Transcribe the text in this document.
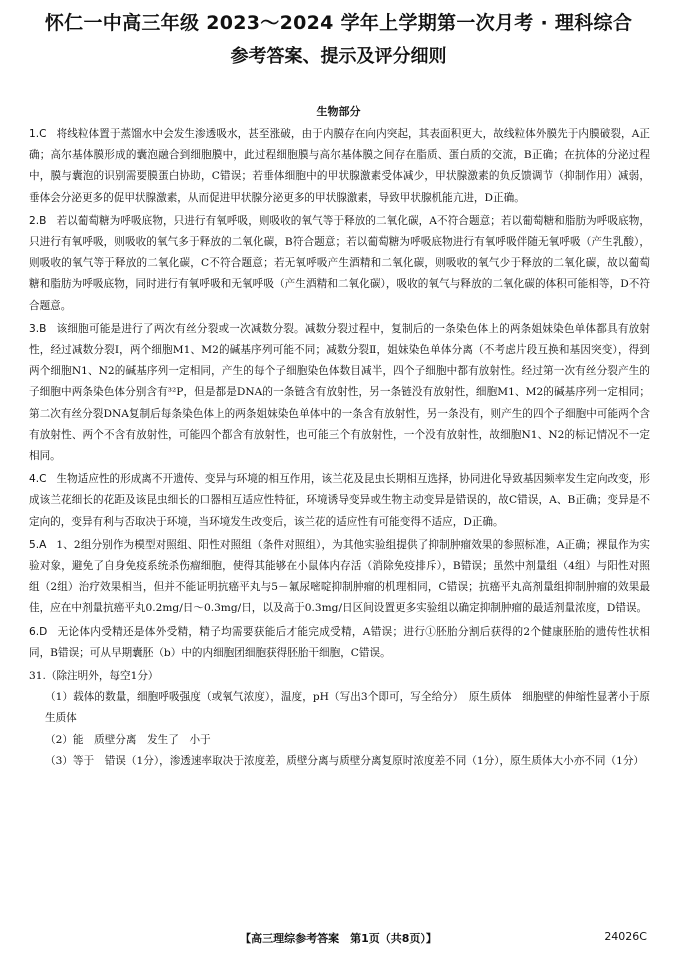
怀仁一中高三年级 2023～2024 学年上学期第一次月考 · 理科综合
参考答案、提示及评分细则
生物部分
1.C 将线粒体置于蒸馏水中会发生渗透吸水，甚至涨破，由于内膜存在向内突起，其表面积更大，故线粒体外膜先于内膜破裂，A正确；高尔基体膜形成的囊泡融合到细胞膜中，此过程细胞膜与高尔基体膜之间存在脂质、蛋白质的交流，B正确；在抗体的分泌过程中，膜与囊泡的识别需要膜蛋白协助，C错误；若垂体细胞中的甲状腺激素受体减少，甲状腺激素的负反馈调节（抑制作用）减弱，垂体会分泌更多的促甲状腺激素，从而促进甲状腺分泌更多的甲状腺激素，导致甲状腺机能亢进，D正确。
2.B 若以葡萄糖为呼吸底物，只进行有氧呼吸，则吸收的氧气等于释放的二氧化碳，A不符合题意；若以葡萄糖和脂肪为呼吸底物，只进行有氧呼吸，则吸收的氧气多于释放的二氧化碳，B符合题意；若以葡萄糖为呼吸底物进行有氧呼吸伴随无氧呼吸（产生乳酸），则吸收的氧气等于释放的二氧化碳，C不符合题意；若无氧呼吸产生酒精和二氧化碳，则吸收的氧气少于释放的二氧化碳，故以葡萄糖和脂肪为呼吸底物，同时进行有氧呼吸和无氧呼吸（产生酒精和二氧化碳），吸收的氧气与释放的二氧化碳的体积可能相等，D不符合题意。
3.B 该细胞可能是进行了两次有丝分裂或一次减数分裂。减数分裂过程中，复制后的一条染色体上的两条姐妹染色单体都具有放射性，经过减数分裂Ⅰ，两个细胞M1、M2的碱基序列可能不同；减数分裂Ⅱ，姐妹染色单体分离（不考虑片段互换和基因突变），得到两个细胞N1、N2的碱基序列一定相同，产生的每个子细胞染色体数目减半，四个子细胞中都有放射性。经过第一次有丝分裂产生的子细胞中两条染色体分别含有³²P，但是都是DNA的一条链含有放射性，另一条链没有放射性，细胞M1、M2的碱基序列一定相同；第二次有丝分裂DNA复制后每条染色体上的两条姐妹染色单体中的一条含有放射性，另一条没有，则产生的四个子细胞中可能两个含有放射性、两个不含有放射性，可能四个都含有放射性，也可能三个有放射性，一个没有放射性，故细胞N1、N2的标记情况不一定相同。
4.C 生物适应性的形成离不开遗传、变异与环境的相互作用，该兰花及昆虫长期相互选择，协同进化导致基因频率发生定向改变，形成该兰花细长的花距及该昆虫细长的口器相互适应性特征，环境诱导变异或生物主动变异是错误的，故C错误，A、B正确；变异是不定向的，变异有利与否取决于环境，当环境发生改变后，该兰花的适应性有可能变得不适应，D正确。
5.A 1、2组分别作为模型对照组、阳性对照组（条件对照组），为其他实验组提供了抑制肿瘤效果的参照标准，A正确；裸鼠作为实验对象，避免了自身免疫系统杀伤瘤细胞，使得其能够在小鼠体内存活（消除免疫排斥），B错误；虽然中剂量组（4组）与阳性对照组（2组）治疗效果相当，但并不能证明抗癌平丸与5－氟尿嘧啶抑制肿瘤的机理相同，C错误；抗癌平丸高剂量组抑制肿瘤的效果最佳，应在中剂量抗癌平丸0.2mg/日～0.3mg/日，以及高于0.3mg/日区间设置更多实验组以确定抑制肿瘤的最适剂量浓度，D错误。
6.D 无论体内受精还是体外受精，精子均需要获能后才能完成受精，A错误；进行①胚胎分割后获得的2个健康胚胎的遗传性状相同，B错误；可从早期囊胚（b）中的内细胞团细胞获得胚胎干细胞，C错误。
31.（除注明外，每空1分）
（1）载体的数量，细胞呼吸强度（或氧气浓度），温度，pH（写出3个即可，写全给分）　原生质体　细胞壁的伸缩性显著小于原生质体
（2）能　质壁分离　发生了　小于
（3）等于　错误（1分），渗透速率取决于浓度差，质壁分离与质壁分离复原时浓度差不同（1分），原生质体大小亦不同（1分）
【高三理综参考答案　第1页（共8页）】	24026C
